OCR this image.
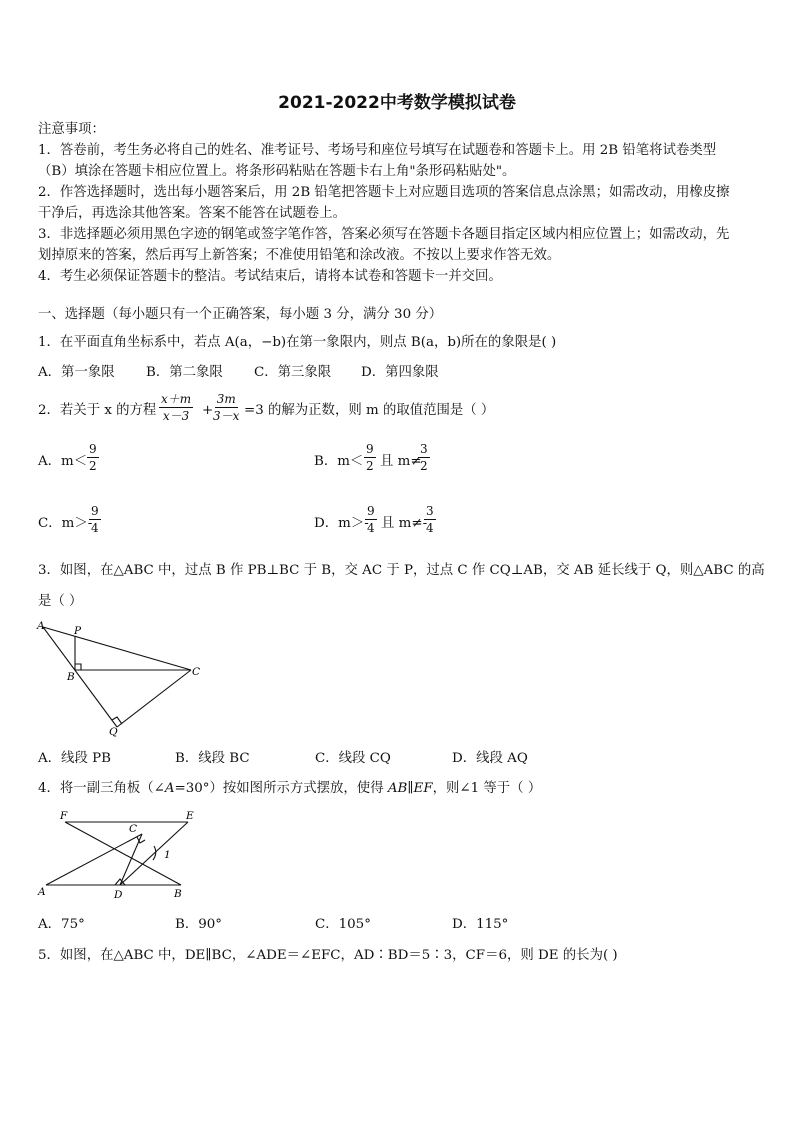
2021-2022中考数学模拟试卷
注意事项：
1．答卷前，考生务必将自己的姓名、准考证号、考场号和座位号填写在试题卷和答题卡上。用 2B 铅笔将试卷类型
（B）填涂在答题卡相应位置上。将条形码粘贴在答题卡右上角"条形码粘贴处"。
2．作答选择题时，选出每小题答案后，用 2B 铅笔把答题卡上对应题目选项的答案信息点涂黑；如需改动，用橡皮擦
干净后，再选涂其他答案。答案不能答在试题卷上。
3．非选择题必须用黑色字迹的钢笔或签字笔作答，答案必须写在答题卡各题目指定区域内相应位置上；如需改动，先
划掉原来的答案，然后再写上新答案；不准使用铅笔和涂改液。不按以上要求作答无效。
4．考生必须保证答题卡的整洁。考试结束后，请将本试卷和答题卡一并交回。
一、选择题（每小题只有一个正确答案，每小题 3 分，满分 30 分）
1．在平面直角坐标系中，若点 A(a，−b)在第一象限内，则点 B(a，b)所在的象限是( )
A．第一象限 B．第二象限 C．第三象限 D．第四象限
2．若关于 x 的方程 $\frac{x+m}{x-3}$ +
$\frac{3m}{3-x} =3$ 的解为正数，则 m 的取值范围是（ ）
A．$m< \frac{9}{2}$	B．$m< \frac{9}{2}$ 且 m≠
$\frac{3}{2}$
C．m＞-
$\frac{9}{4}$	D．m＞-
$\frac{9}{4}$ 且 m≠-
$\frac{3}{4}$
3．如图，在△ABC 中，过点 B 作 PB⊥BC 于 B，交 AC 于 P，过点 C 作 CQ⊥AB，交 AB 延长线于 Q，则△ABC 的高
是（ ）
A	P
B	C
Q
A．线段 PB	B．线段 BC	C．线段 CQ	D．线段 AQ
4．将一副三角板（∠A=30°）按如图所示方式摆放，使得 AB∥EF，则∠1 等于（ ）
F	E
C
1
A	D	B
A．75°	B．90°	C．105°	D．115°
5．如图，在△ABC 中，DE∥BC，∠ADE＝∠EFC，AD∶BD＝5∶3，CF＝6，则 DE 的长为( )
